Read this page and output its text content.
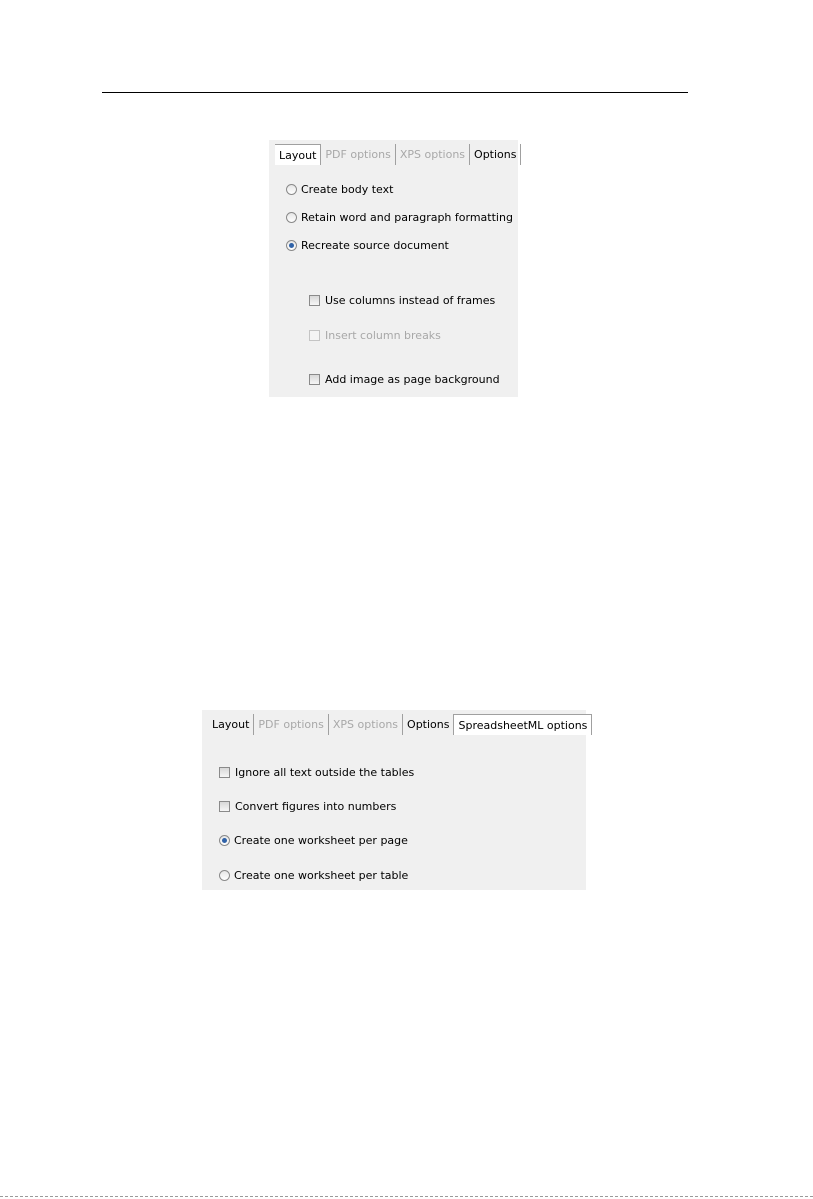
Layout PDF options XPS options Options
Create body text
Retain word and paragraph formatting
Recreate source document
Use columns instead of frames
Insert column breaks
Add image as page background
Layout PDF options XPS options Options SpreadsheetML options
Ignore all text outside the tables
Convert figures into numbers
Create one worksheet per page
Create one worksheet per table
